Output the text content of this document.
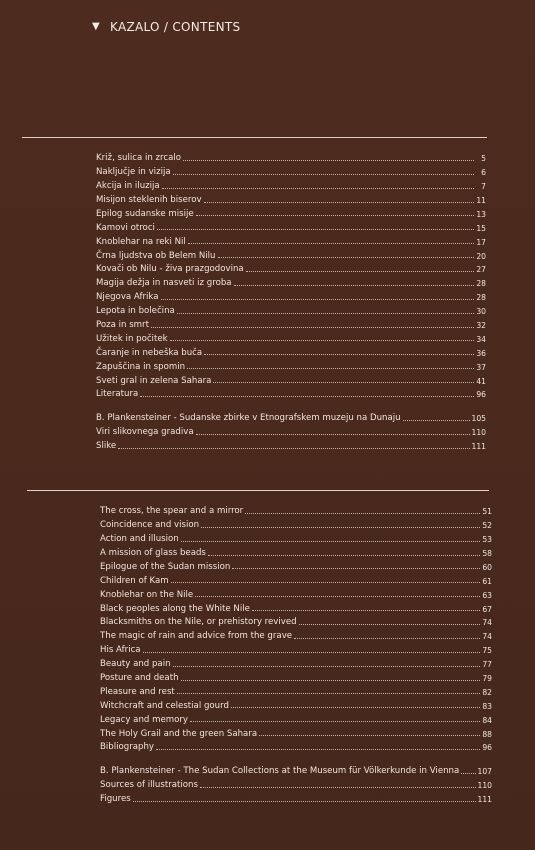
▼ KAZALO / CONTENTS
Križ, sulica in zrcalo	5
Naključje in vizija	6
Akcija in iluzija	7
Misijon steklenih biserov	11
Epilog sudanske misije	13
Kamovi otroci	15
Knoblehar na reki Nil	17
Črna ljudstva ob Belem Nilu	20
Kovači ob Nilu - živa prazgodovina	27
Magija dežja in nasveti iz groba	28
Njegova Afrika	28
Lepota in bolečina	30
Poza in smrt	32
Užitek in počitek	34
Čaranje in nebeška buča	36
Zapuščina in spomin	37
Sveti gral in zelena Sahara	41
Literatura	96
B. Plankensteiner - Sudanske zbirke v Etnografskem muzeju na Dunaju	105
Viri slikovnega gradiva	110
Slike	111
The cross, the spear and a mirror	51
Coincidence and vision	52
Action and illusion	53
A mission of glass beads	58
Epilogue of the Sudan mission	60
Children of Kam	61
Knoblehar on the Nile	63
Black peoples along the White Nile	67
Blacksmiths on the Nile, or prehistory revived	74
The magic of rain and advice from the grave	74
His Africa	75
Beauty and pain	77
Posture and death	79
Pleasure and rest	82
Witchcraft and celestial gourd	83
Legacy and memory	84
The Holy Grail and the green Sahara	88
Bibliography	96
B. Plankensteiner - The Sudan Collections at the Museum für Völkerkunde in Vienna 107
Sources of illustrations	110
Figures	111
